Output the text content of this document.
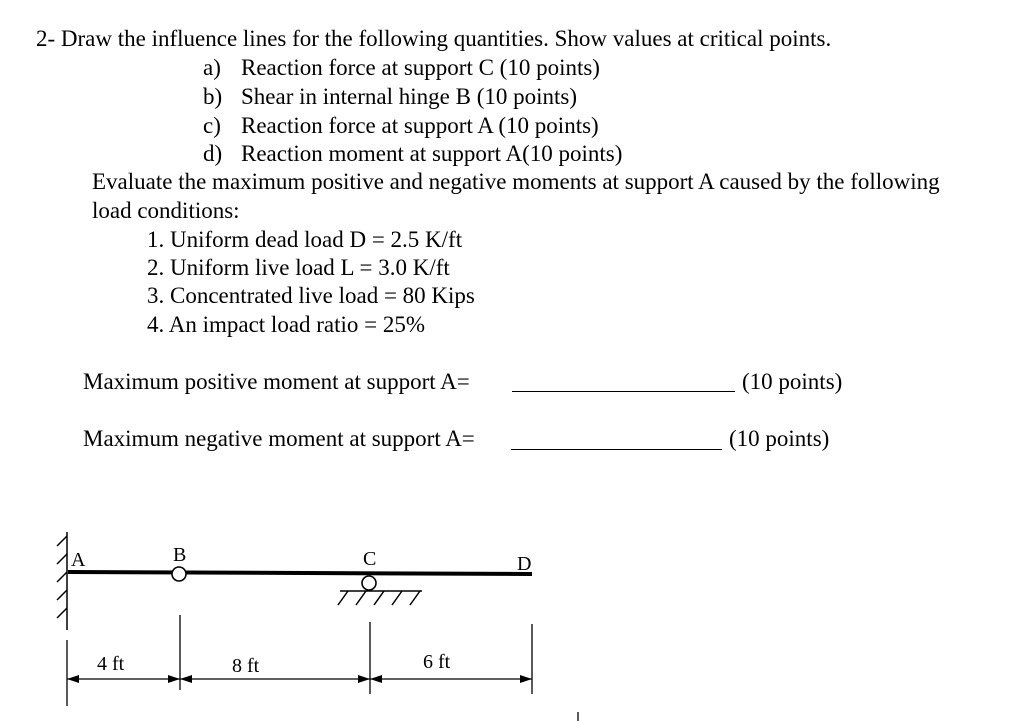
2- Draw the influence lines for the following quantities. Show values at critical points.
a) Reaction force at support C (10 points)
b) Shear in internal hinge B (10 points)
c) Reaction force at support A (10 points)
d) Reaction moment at support A(10 points)
Evaluate the maximum positive and negative moments at support A caused by the following
load conditions:
1. Uniform dead load D = 2.5 K/ft
2. Uniform live load L = 3.0 K/ft
3. Concentrated live load = 80 Kips
4. An impact load ratio = 25%
Maximum positive moment at support A=	(10 points)
Maximum negative moment at support A=	(10 points)
A	B	C	D
4 ft	8 ft	6 ft
